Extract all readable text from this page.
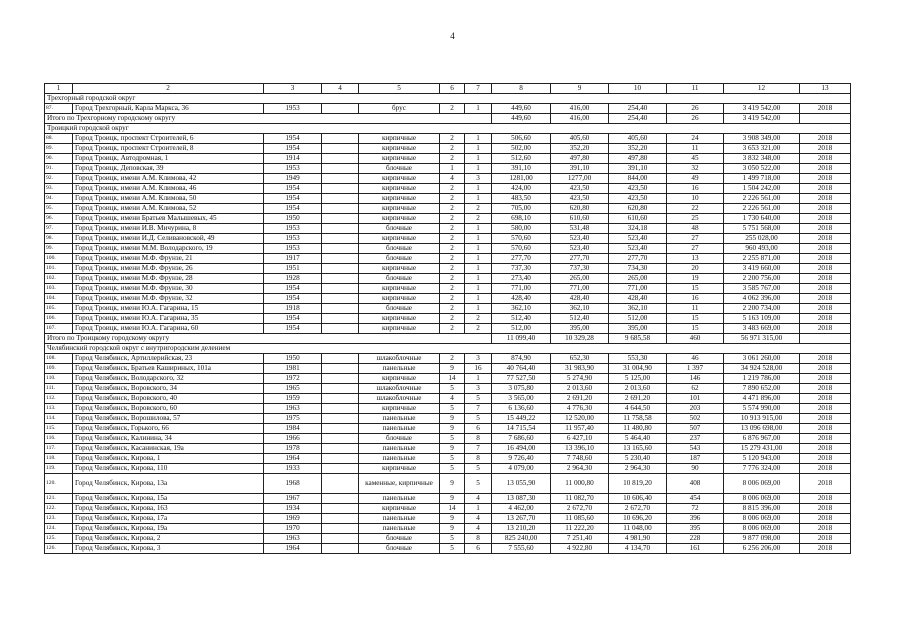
4
1	2	3	4	5	6	7	8	9	10	11	12	13
Трехгорный городской округ												
87.	Город Трехгорный, Карла Маркса, 36	1953		брус	2	1	449,60	416,00	254,40	26	3 419 542,00	2018
Итого по Трехгорному городскому округу							449,60	416,00	254,40	26	3 419 542,00	
Троицкий городской округ												
88.	Город Троицк, проспект Строителей, 6	1954		кирпичные	2	1	506,60	405,60	405,60	24	3 908 349,00	2018
89.	Город Троицк, проспект Строителей, 8	1954		кирпичные	2	1	502,00	352,20	352,20	11	3 653 321,00	2018
90.	Город Троицк, Автодромная, 1	1914		кирпичные	2	1	512,60	497,80	497,80	45	3 832 348,00	2018
91.	Город Троицк, Деповская, 39	1953		блочные	1	1	391,10	391,10	391,10	32	3 050 522,00	2018
92.	Город Троицк, имени А.М. Климова, 42	1949		кирпичные	4	3	1281,00	1277,00	844,00	49	1 499 718,00	2018
93.	Город Троицк, имени А.М. Климова, 46	1954		кирпичные	2	1	424,00	423,50	423,50	16	1 504 242,00	2018
94.	Город Троицк, имени А.М. Климова, 50	1954		кирпичные	2	1	483,50	423,50	423,50	10	2 226 561,00	2018
95.	Город Троицк, имени А.М. Климова, 52	1954		кирпичные	2	2	705,00	620,80	620,80	22	2 226 561,00	2018
96.	Город Троицк, имени Братьев Малышевых, 45	1950		кирпичные	2	2	698,10	610,60	610,60	25	1 730 640,00	2018
97.	Город Троицк, имени И.В. Мичурина, 8	1953		блочные	2	1	580,00	531,48	324,18	48	5 751 568,00	2018
98.	Город Троицк, имени И.Д. Селивановской, 49	1953		кирпичные	2	1	570,60	523,40	523,40	27	255 028,00	2018
99.	Город Троицк, имени М.М. Володарского, 19	1953		блочные	2	1	570,60	523,40	523,40	27	960 493,00	2018
100.	Город Троицк, имени М.Ф. Фрунзе, 21	1917		блочные	2	1	277,70	277,70	277,70	13	2 255 871,00	2018
101.	Город Троицк, имени М.Ф. Фрунзе, 26	1951		кирпичные	2	1	737,30	737,30	734,30	20	3 419 660,00	2018
102.	Город Троицк, имени М.Ф. Фрунзе, 28	1928		блочные	2	1	273,40	265,00	265,00	19	2 200 756,00	2018
103.	Город Троицк, имени М.Ф. Фрунзе, 30	1954		кирпичные	2	1	771,00	771,00	771,00	15	3 585 767,00	2018
104.	Город Троицк, имени М.Ф. Фрунзе, 32	1954		кирпичные	2	1	428,40	428,40	428,40	16	4 062 396,00	2018
105.	Город Троицк, имени Ю.А. Гагарина, 15	1918		блочные	2	1	362,10	362,10	362,10	11	2 200 734,00	2018
106.	Город Троицк, имени Ю.А. Гагарина, 35	1954		кирпичные	2	2	512,40	512,40	512,00	15	5 163 109,00	2018
107.	Город Троицк, имени Ю.А. Гагарина, 60	1954		кирпичные	2	2	512,00	395,00	395,00	15	3 483 669,00	2018
Итого по Троицкому городскому округу							11 099,40	10 329,28	9 685,58	460	56 971 315,00	
Челябинский городской округ с внутригородским делением												
108.	Город Челябинск, Артиллерийская, 23	1950		шлакоблочные	2	3	874,90	652,30	553,30	46	3 061 260,00	2018
109.	Город Челябинск, Братьев Кашириных, 101а	1981		панельные	9	16	40 764,40	31 983,90	31 004,90	1 397	34 924 528,00	2018
110.	Город Челябинск, Володарского, 32	1972		кирпичные	14	1	77 527,50	5 274,90	5 125,00	146	1 219 786,00	2018
111.	Город Челябинск, Воровского, 34	1965		шлакоблочные	5	3	3 075,80	2 013,60	2 013,60	62	7 890 652,00	2018
112.	Город Челябинск, Воровского, 40	1959		шлакоблочные	4	5	3 565,00	2 691,20	2 691,20	101	4 471 896,00	2018
113.	Город Челябинск, Воровского, 60	1963		кирпичные	5	7	6 136,60	4 776,30	4 644,50	203	5 574 990,00	2018
114.	Город Челябинск, Ворошилова, 57	1975		панельные	9	5	15 449,22	12 520,00	11 758,58	502	10 913 915,00	2018
115.	Город Челябинск, Горького, 66	1984		панельные	9	6	14 715,54	11 957,40	11 480,80	507	13 096 698,00	2018
116.	Город Челябинск, Калинина, 34	1966		блочные	5	8	7 686,60	6 427,10	5 464,40	237	6 876 967,00	2018
117.	Город Челябинск, Касанинская, 19а	1978		панельные	9	7	16 494,00	13 396,10	13 165,60	543	15 279 431,00	2018
118.	Город Челябинск, Кирова, 1	1964		панельные	5	8	9 726,40	7 748,60	5 230,40	187	5 120 943,00	2018
119.	Город Челябинск, Кирова, 110	1933		кирпичные	5	5	4 079,00	2 964,30	2 964,30	90	7 776 324,00	2018
120.	Город Челябинск, Кирова, 13а	1968		каменные, кирпичные	9	5	13 055,90	11 000,80	10 819,20	408	8 006 069,00	2018
121.	Город Челябинск, Кирова, 15а	1967		панельные	9	4	13 087,30	11 082,70	10 606,40	454	8 006 069,00	2018
122.	Город Челябинск, Кирова, 163	1934		кирпичные	14	1	4 462,00	2 672,70	2 672,70	72	8 815 396,00	2018
123.	Город Челябинск, Кирова, 17а	1969		панельные	9	4	13 267,70	11 085,60	10 696,20	396	8 006 069,00	2018
124.	Город Челябинск, Кирова, 19а	1970		панельные	9	4	13 210,20	11 222,20	11 048,00	395	8 006 069,00	2018
125.	Город Челябинск, Кирова, 2	1963		блочные	5	8	825 240,00	7 251,40	4 981,90	228	9 877 098,00	2018
126.	Город Челябинск, Кирова, 3	1964		блочные	5	6	7 555,60	4 922,80	4 134,70	161	6 256 206,00	2018
